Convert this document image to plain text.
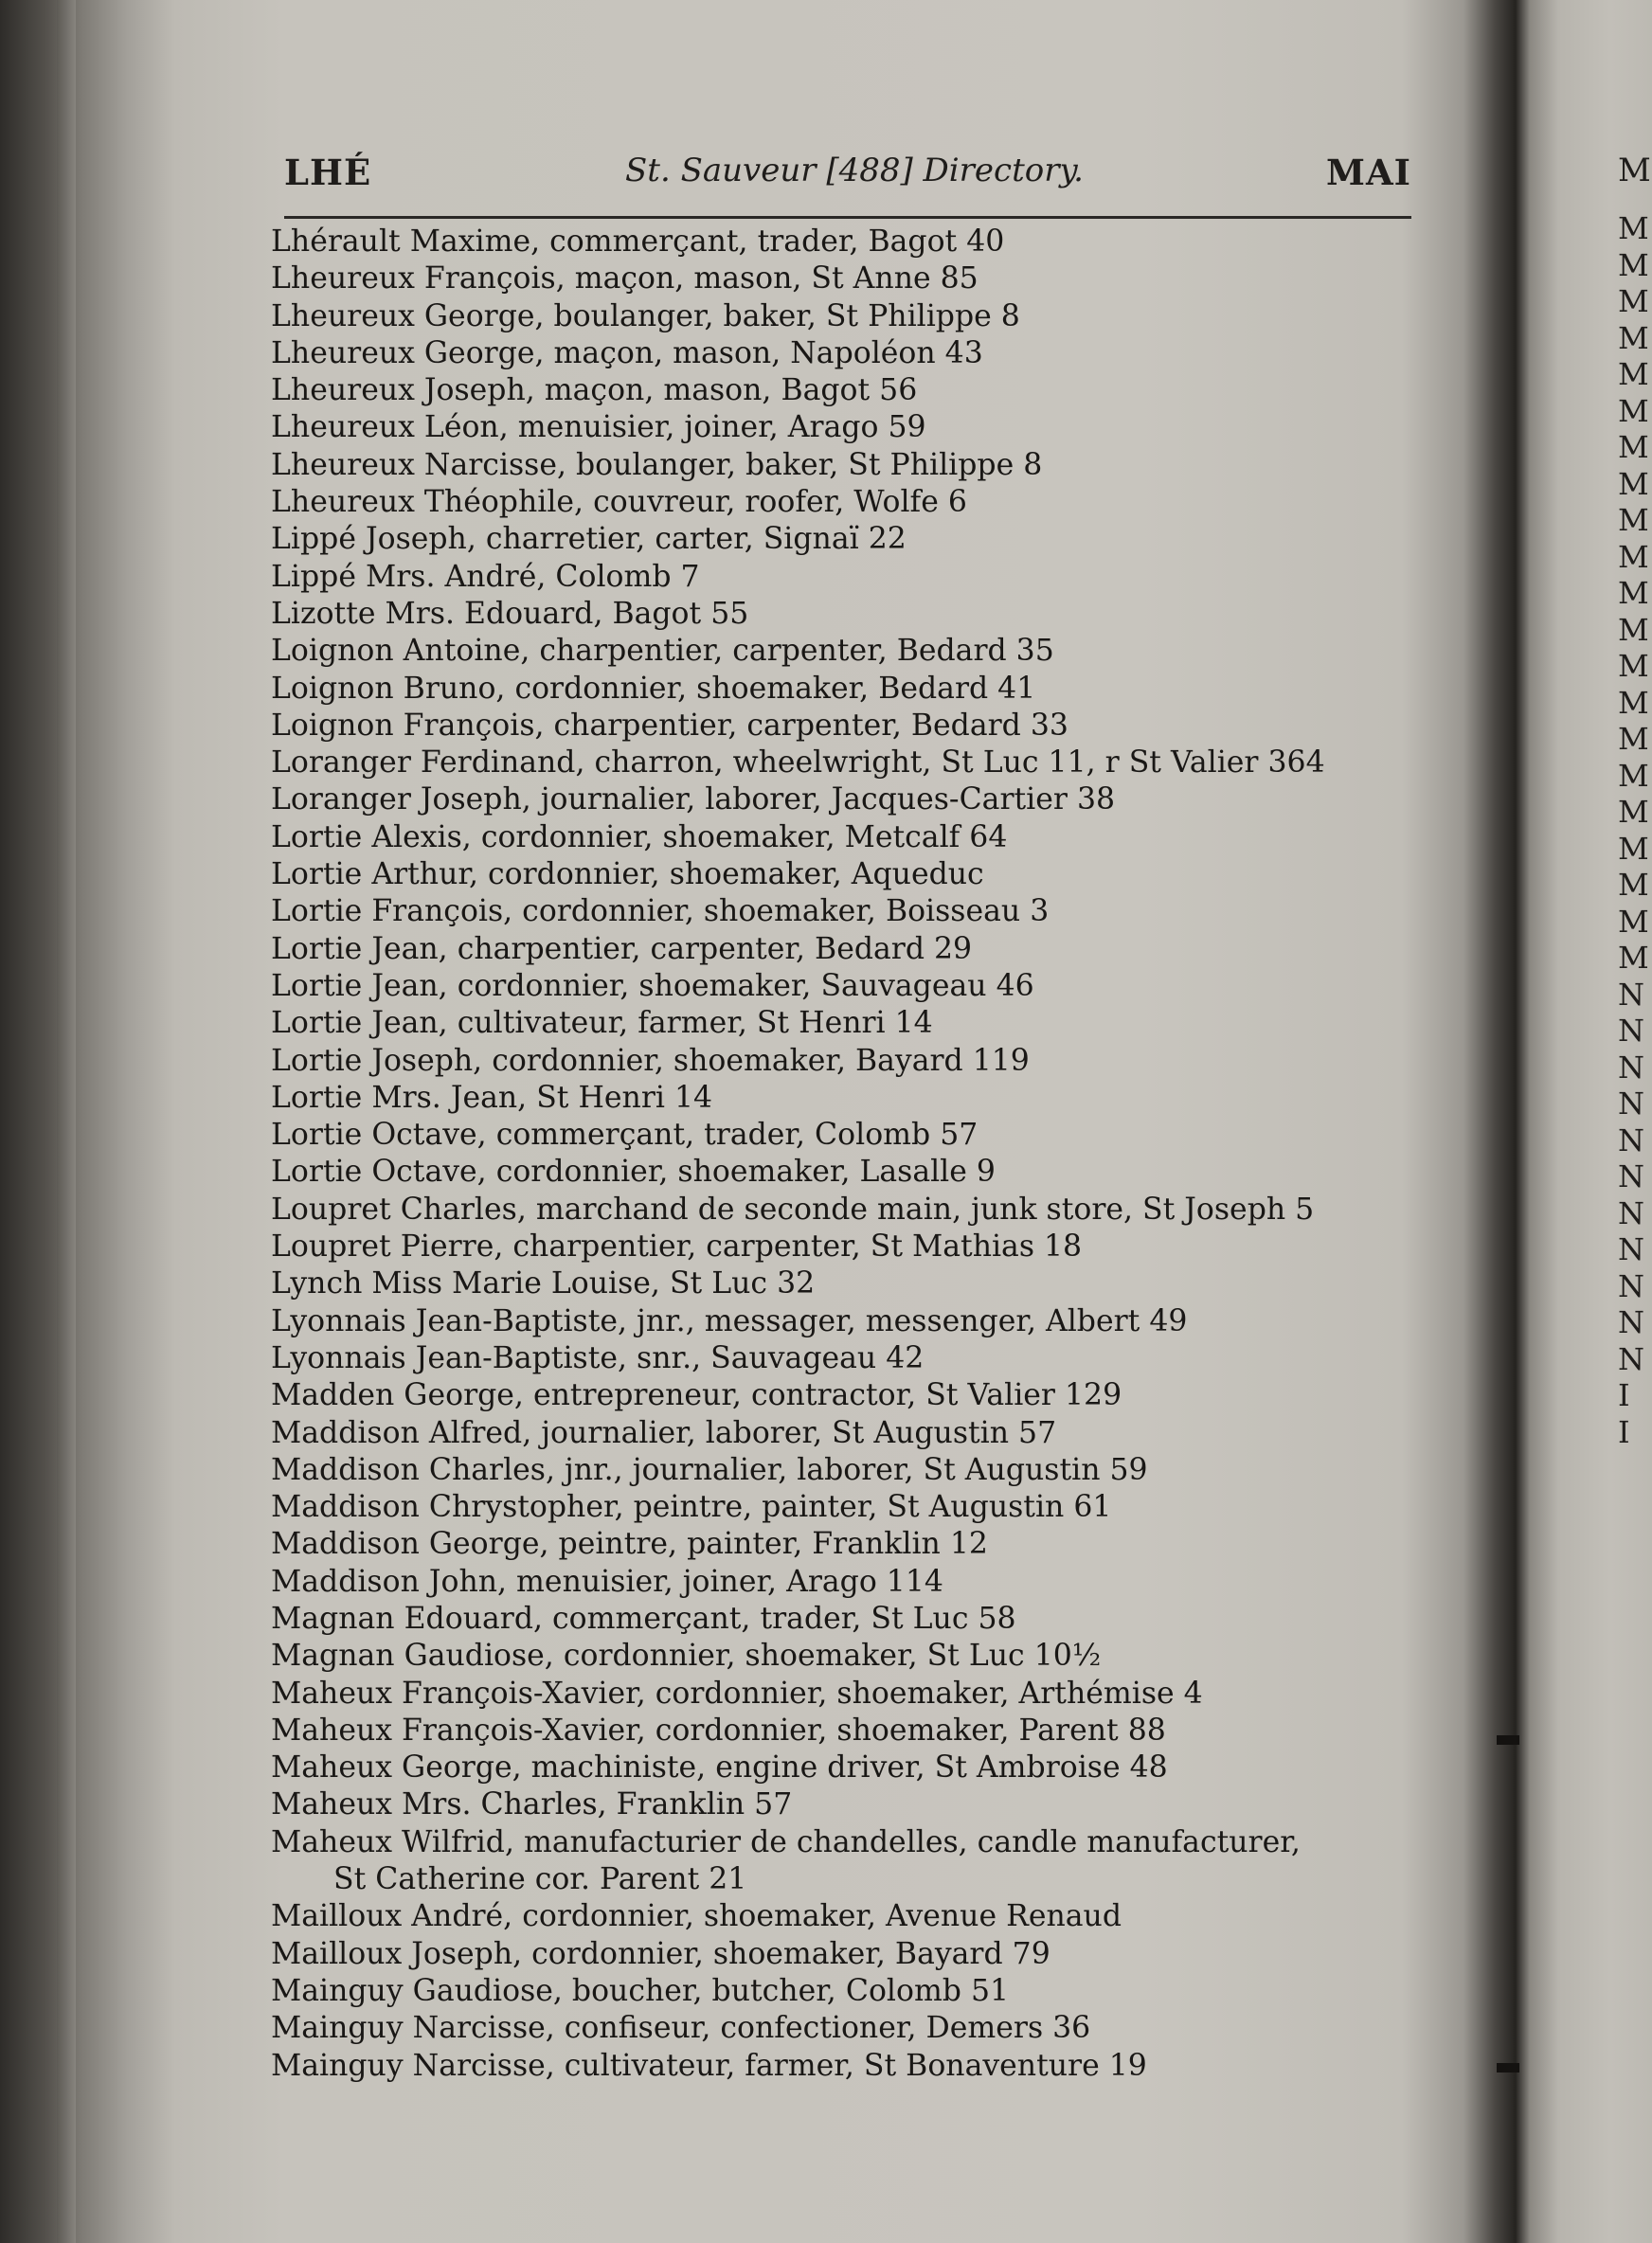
LHÉ	St. Sauveur [488] Directory.	MAI
Lhérault Maxime, commerçant, trader, Bagot 40
Lheureux François, maçon, mason, St Anne 85
Lheureux George, boulanger, baker, St Philippe 8
Lheureux George, maçon, mason, Napoléon 43
Lheureux Joseph, maçon, mason, Bagot 56
Lheureux Léon, menuisier, joiner, Arago 59
Lheureux Narcisse, boulanger, baker, St Philippe 8
Lheureux Théophile, couvreur, roofer, Wolfe 6
Lippé Joseph, charretier, carter, Signaï 22
Lippé Mrs. André, Colomb 7
Lizotte Mrs. Edouard, Bagot 55
Loignon Antoine, charpentier, carpenter, Bedard 35
Loignon Bruno, cordonnier, shoemaker, Bedard 41
Loignon François, charpentier, carpenter, Bedard 33
Loranger Ferdinand, charron, wheelwright, St Luc 11, r St Valier 364
Loranger Joseph, journalier, laborer, Jacques-Cartier 38
Lortie Alexis, cordonnier, shoemaker, Metcalf 64
Lortie Arthur, cordonnier, shoemaker, Aqueduc
Lortie François, cordonnier, shoemaker, Boisseau 3
Lortie Jean, charpentier, carpenter, Bedard 29
Lortie Jean, cordonnier, shoemaker, Sauvageau 46
Lortie Jean, cultivateur, farmer, St Henri 14
Lortie Joseph, cordonnier, shoemaker, Bayard 119
Lortie Mrs. Jean, St Henri 14
Lortie Octave, commerçant, trader, Colomb 57
Lortie Octave, cordonnier, shoemaker, Lasalle 9
Loupret Charles, marchand de seconde main, junk store, St Joseph 5
Loupret Pierre, charpentier, carpenter, St Mathias 18
Lynch Miss Marie Louise, St Luc 32
Lyonnais Jean-Baptiste, jnr., messager, messenger, Albert 49
Lyonnais Jean-Baptiste, snr., Sauvageau 42
Madden George, entrepreneur, contractor, St Valier 129
Maddison Alfred, journalier, laborer, St Augustin 57
Maddison Charles, jnr., journalier, laborer, St Augustin 59
Maddison Chrystopher, peintre, painter, St Augustin 61
Maddison George, peintre, painter, Franklin 12
Maddison John, menuisier, joiner, Arago 114
Magnan Edouard, commerçant, trader, St Luc 58
Magnan Gaudiose, cordonnier, shoemaker, St Luc 10½
Maheux François-Xavier, cordonnier, shoemaker, Arthémise 4
Maheux François-Xavier, cordonnier, shoemaker, Parent 88
Maheux George, machiniste, engine driver, St Ambroise 48
Maheux Mrs. Charles, Franklin 57
Maheux Wilfrid, manufacturier de chandelles, candle manufacturer,
St Catherine cor. Parent 21
Mailloux André, cordonnier, shoemaker, Avenue Renaud
Mailloux Joseph, cordonnier, shoemaker, Bayard 79
Mainguy Gaudiose, boucher, butcher, Colomb 51
Mainguy Narcisse, confiseur, confectioner, Demers 36
Mainguy Narcisse, cultivateur, farmer, St Bonaventure 19
M
M
M
M
M
M
M
M
M
M
M
M
M
M
M
M
M
M
M
M
M
M
N
N
N
N
N
N
N
N
N
N
N
I
I
